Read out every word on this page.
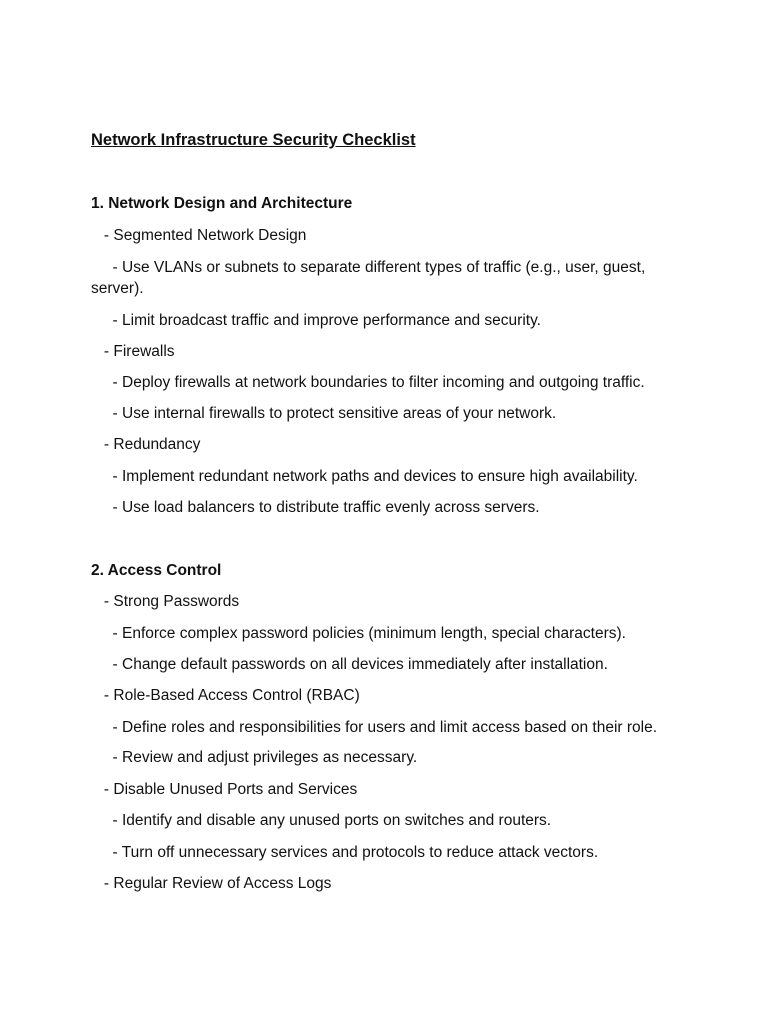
Network Infrastructure Security Checklist
1. Network Design and Architecture
- Segmented Network Design
- Use VLANs or subnets to separate different types of traffic (e.g., user, guest,
server).
- Limit broadcast traffic and improve performance and security.
- Firewalls
- Deploy firewalls at network boundaries to filter incoming and outgoing traffic.
- Use internal firewalls to protect sensitive areas of your network.
- Redundancy
- Implement redundant network paths and devices to ensure high availability.
- Use load balancers to distribute traffic evenly across servers.
2. Access Control
- Strong Passwords
- Enforce complex password policies (minimum length, special characters).
- Change default passwords on all devices immediately after installation.
- Role-Based Access Control (RBAC)
- Define roles and responsibilities for users and limit access based on their role.
- Review and adjust privileges as necessary.
- Disable Unused Ports and Services
- Identify and disable any unused ports on switches and routers.
- Turn off unnecessary services and protocols to reduce attack vectors.
- Regular Review of Access Logs
